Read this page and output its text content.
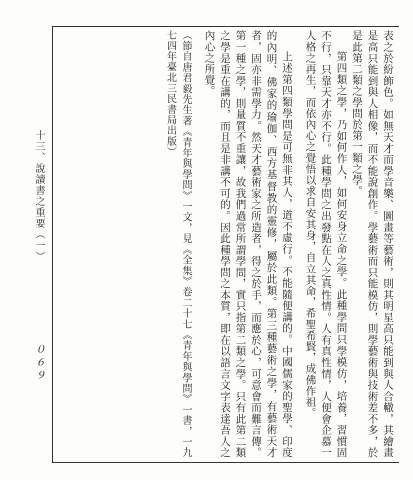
表之於紛飾色。如無天才而學音樂、圖畫等藝術，則其明星高只能到與人合轍，其繪畫是高只能到與人相像，而不能說創作。學藝術而只能模仿，則學藝術與技術差不多，於是此第二類之學問於第一類之學。

第四類之學，乃如何作人，如何安身立命之學。此種學問只學模仿，培養，習慣固不行，只靠天才亦不行。此種學問之出發點在人之真性情。人有真性情，人便會企慕一人格之再生，而依內心之覺悟以求自安其身，自立其命，希聖希賢，成佛作祖。

上述第四類學問是可無非其人，道不虛行。不能隨便講的。中國儒家的聖學、印度的內明、佛家的瑜伽、西方基督教的靈修，屬於此類。第三種藝術之學，有藝術天才者，固亦非需學力。然天才藝術家之所造者，得之於手，而應於心，可意會而難言傳。第一種之學，則量質不重讓，故我們過常所謂學問，實只指第二類之學。只有此第二類之學是重在講的，而且是非講不可的。因此種學問之本質，即在以語言文字表達吾人之內心之所覺。

（節自唐君毅先生著《青年與學問》一文，見《全集》卷二十七《青年與學問》一書，一九七四年臺北三民書局出版）

十三、說讀書之重要（一）
０６９
